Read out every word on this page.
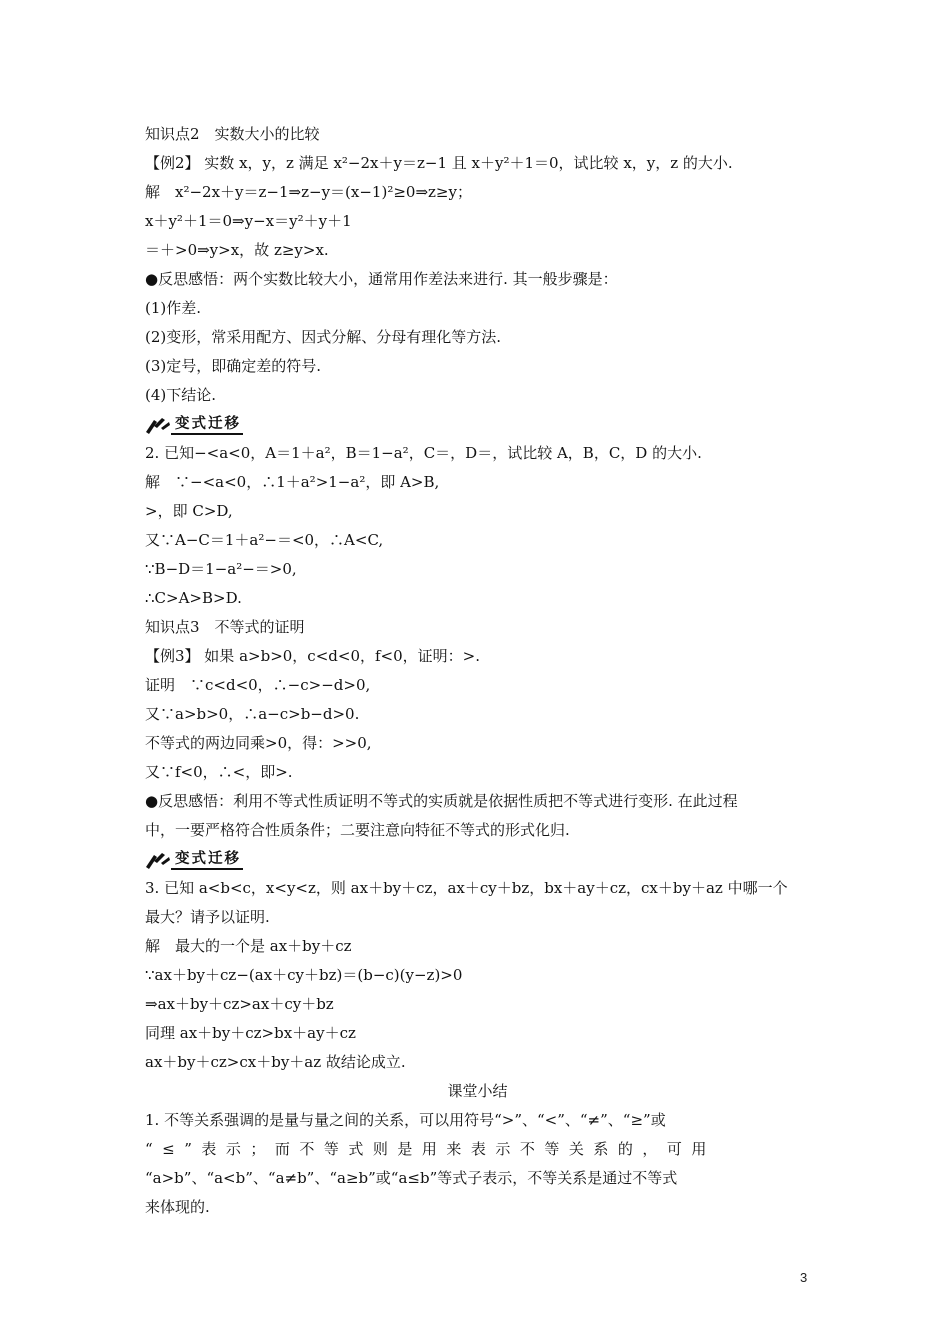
知识点2　实数大小的比较
【例2】 实数 x，y，z 满足 x²−2x＋y＝z−1 且 x＋y²＋1＝0，试比较 x，y，z 的大小.
解　x²−2x＋y＝z−1⇒z−y＝(x−1)²≥0⇒z≥y；
x＋y²＋1＝0⇒y−x＝y²＋y＋1
＝＋>0⇒y>x，故 z≥y>x.
●反思感悟：两个实数比较大小，通常用作差法来进行. 其一般步骤是：
(1)作差.
(2)变形，常采用配方、因式分解、分母有理化等方法.
(3)定号，即确定差的符号.
(4)下结论.
变式迁移
2. 已知−<a<0，A＝1＋a²，B＝1−a²，C＝，D＝，试比较 A，B，C，D 的大小.
解　∵−<a<0，∴1＋a²>1−a²，即 A>B,
>，即 C>D,
又∵A−C＝1＋a²−＝<0，∴A<C,
∵B−D＝1−a²−＝>0,
∴C>A>B>D.
知识点3　不等式的证明
【例3】 如果 a>b>0，c<d<0，f<0，证明：>.
证明　∵c<d<0，∴−c>−d>0,
又∵a>b>0，∴a−c>b−d>0.
不等式的两边同乘>0，得：>>0,
又∵f<0，∴<，即>.
●反思感悟：利用不等式性质证明不等式的实质就是依据性质把不等式进行变形. 在此过程
中，一要严格符合性质条件；二要注意向特征不等式的形式化归.
变式迁移
3. 已知 a<b<c，x<y<z，则 ax＋by＋cz，ax＋cy＋bz，bx＋ay＋cz，cx＋by＋az 中哪一个
最大？请予以证明.
解　最大的一个是 ax＋by＋cz
∵ax＋by＋cz−(ax＋cy＋bz)＝(b−c)(y−z)>0
⇒ax＋by＋cz>ax＋cy＋bz
同理 ax＋by＋cz>bx＋ay＋cz
ax＋by＋cz>cx＋by＋az 故结论成立.
课堂小结
1. 不等关系强调的是量与量之间的关系，可以用符号“>”、“<”、“≠”、“≥”或
“≤”表示；而不等式则是用来表示不等关系的，可用
“a>b”、“a<b”、“a≠b”、“a≥b”或“a≤b”等式子表示，不等关系是通过不等式
来体现的.
3
